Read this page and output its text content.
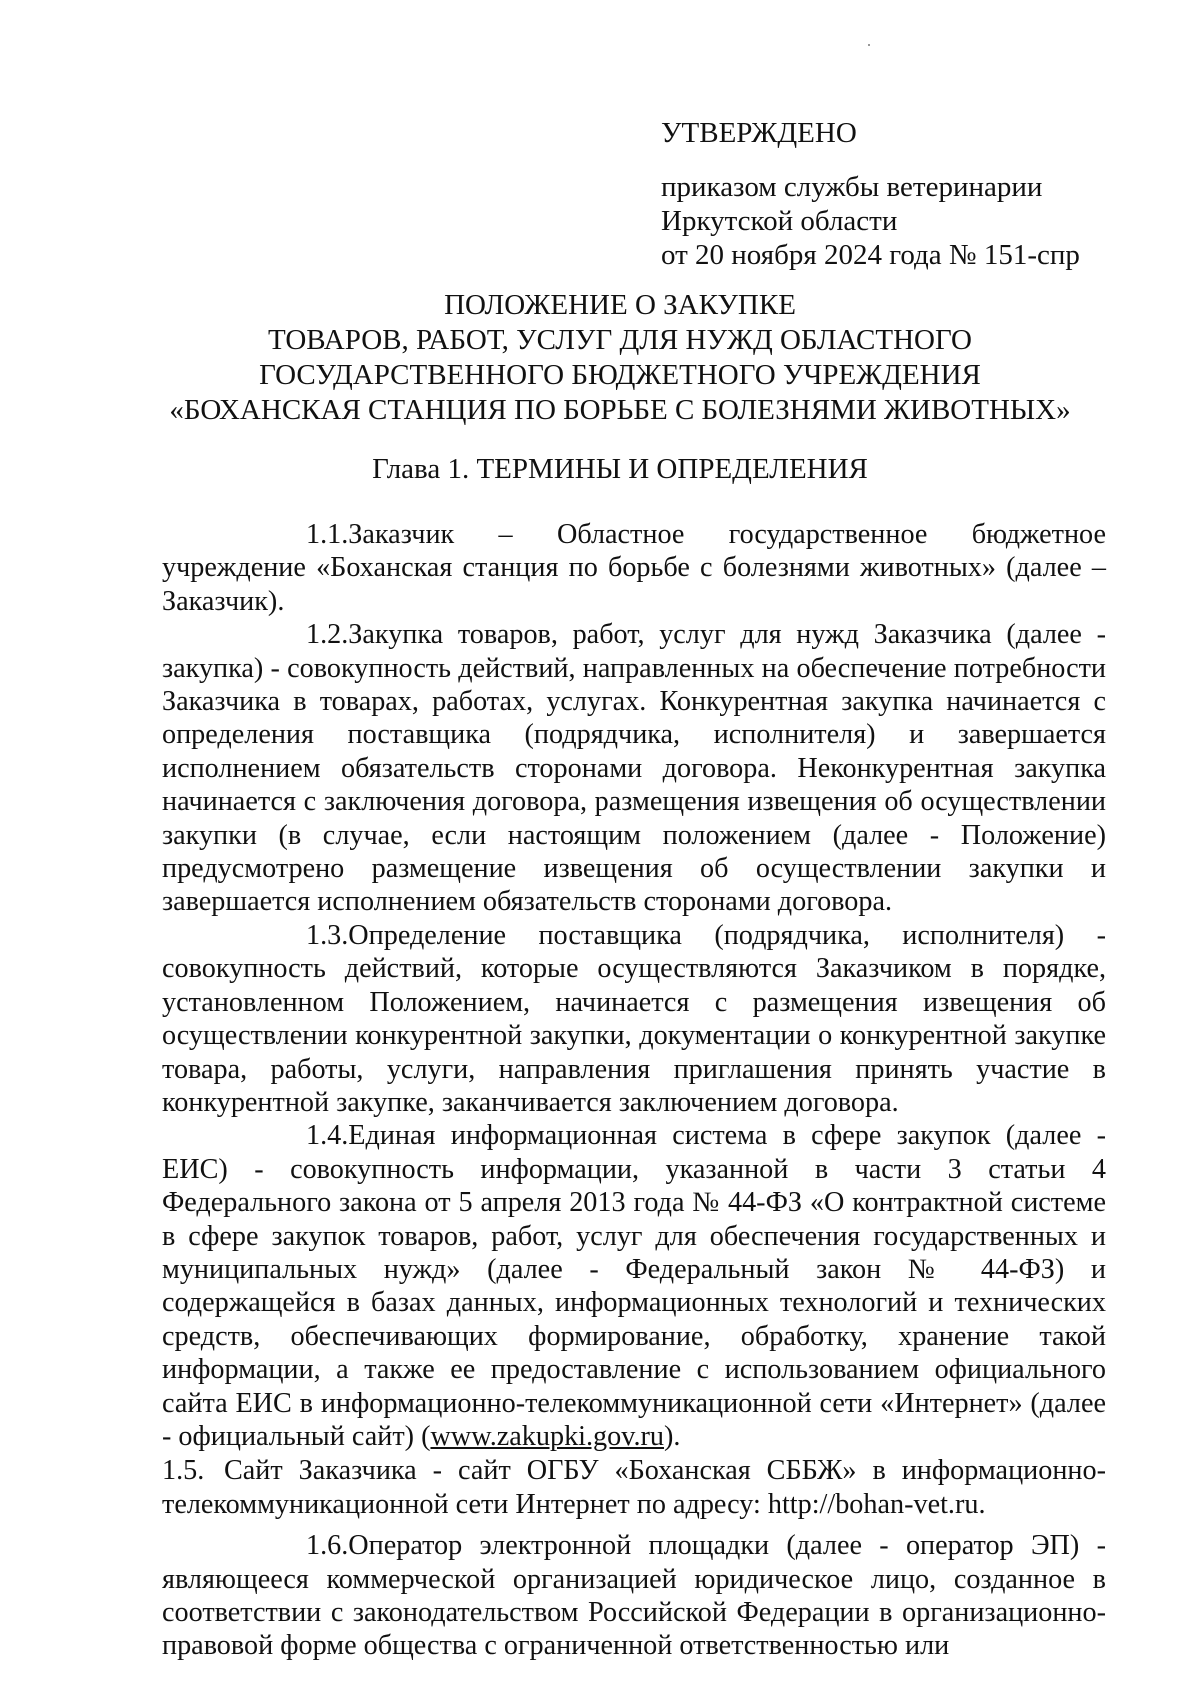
УТВЕРЖДЕНО
приказом службы ветеринарии
Иркутской области
от 20 ноября 2024 года № 151-спр
ПОЛОЖЕНИЕ О ЗАКУПКЕ
ТОВАРОВ, РАБОТ, УСЛУГ ДЛЯ НУЖД ОБЛАСТНОГО
ГОСУДАРСТВЕННОГО БЮДЖЕТНОГО УЧРЕЖДЕНИЯ
«БОХАНСКАЯ СТАНЦИЯ ПО БОРЬБЕ С БОЛЕЗНЯМИ ЖИВОТНЫХ»
Глава 1. ТЕРМИНЫ И ОПРЕДЕЛЕНИЯ

1.1.Заказчик – Областное государственное бюджетное учреждение «Боханская станция по борьбе с болезнями животных» (далее – Заказчик).

1.2.Закупка товаров, работ, услуг для нужд Заказчика (далее - закупка) - совокупность действий, направленных на обеспечение потребности Заказчика в товарах, работах, услугах. Конкурентная закупка начинается с определения поставщика (подрядчика, исполнителя) и завершается исполнением обязательств сторонами договора. Неконкурентная закупка начинается с заключения договора, размещения извещения об осуществлении закупки (в случае, если настоящим положением (далее - Положение) предусмотрено размещение извещения об осуществлении закупки и завершается исполнением обязательств сторонами договора.

1.3.Определение поставщика (подрядчика, исполнителя) - совокупность действий, которые осуществляются Заказчиком в порядке, установленном Положением, начинается с размещения извещения об осуществлении конкурентной закупки, документации о конкурентной закупке товара, работы, услуги, направления приглашения принять участие в конкурентной закупке, заканчивается заключением договора.

1.4.Единая информационная система в сфере закупок (далее - ЕИС) - совокупность информации, указанной в части 3 статьи 4 Федерального закона от 5 апреля 2013 года № 44-ФЗ «О контрактной системе в сфере закупок товаров, работ, услуг для обеспечения государственных и муниципальных нужд» (далее - Федеральный закон № 44-ФЗ) и содержащейся в базах данных, информационных технологий и технических средств, обеспечивающих формирование, обработку, хранение такой информации, а также ее предоставление с использованием официального сайта ЕИС в информационно-телекоммуникационной сети «Интернет» (далее - официальный сайт) (www.zakupki.gov.ru).

1.5. Сайт Заказчика - сайт ОГБУ «Боханская СББЖ» в информационно-телекоммуникационной сети Интернет по адресу: http://bohan-vet.ru.

1.6.Оператор электронной площадки (далее - оператор ЭП) - являющееся коммерческой организацией юридическое лицо, созданное в соответствии с законодательством Российской Федерации в организационно-правовой форме общества с ограниченной ответственностью или
